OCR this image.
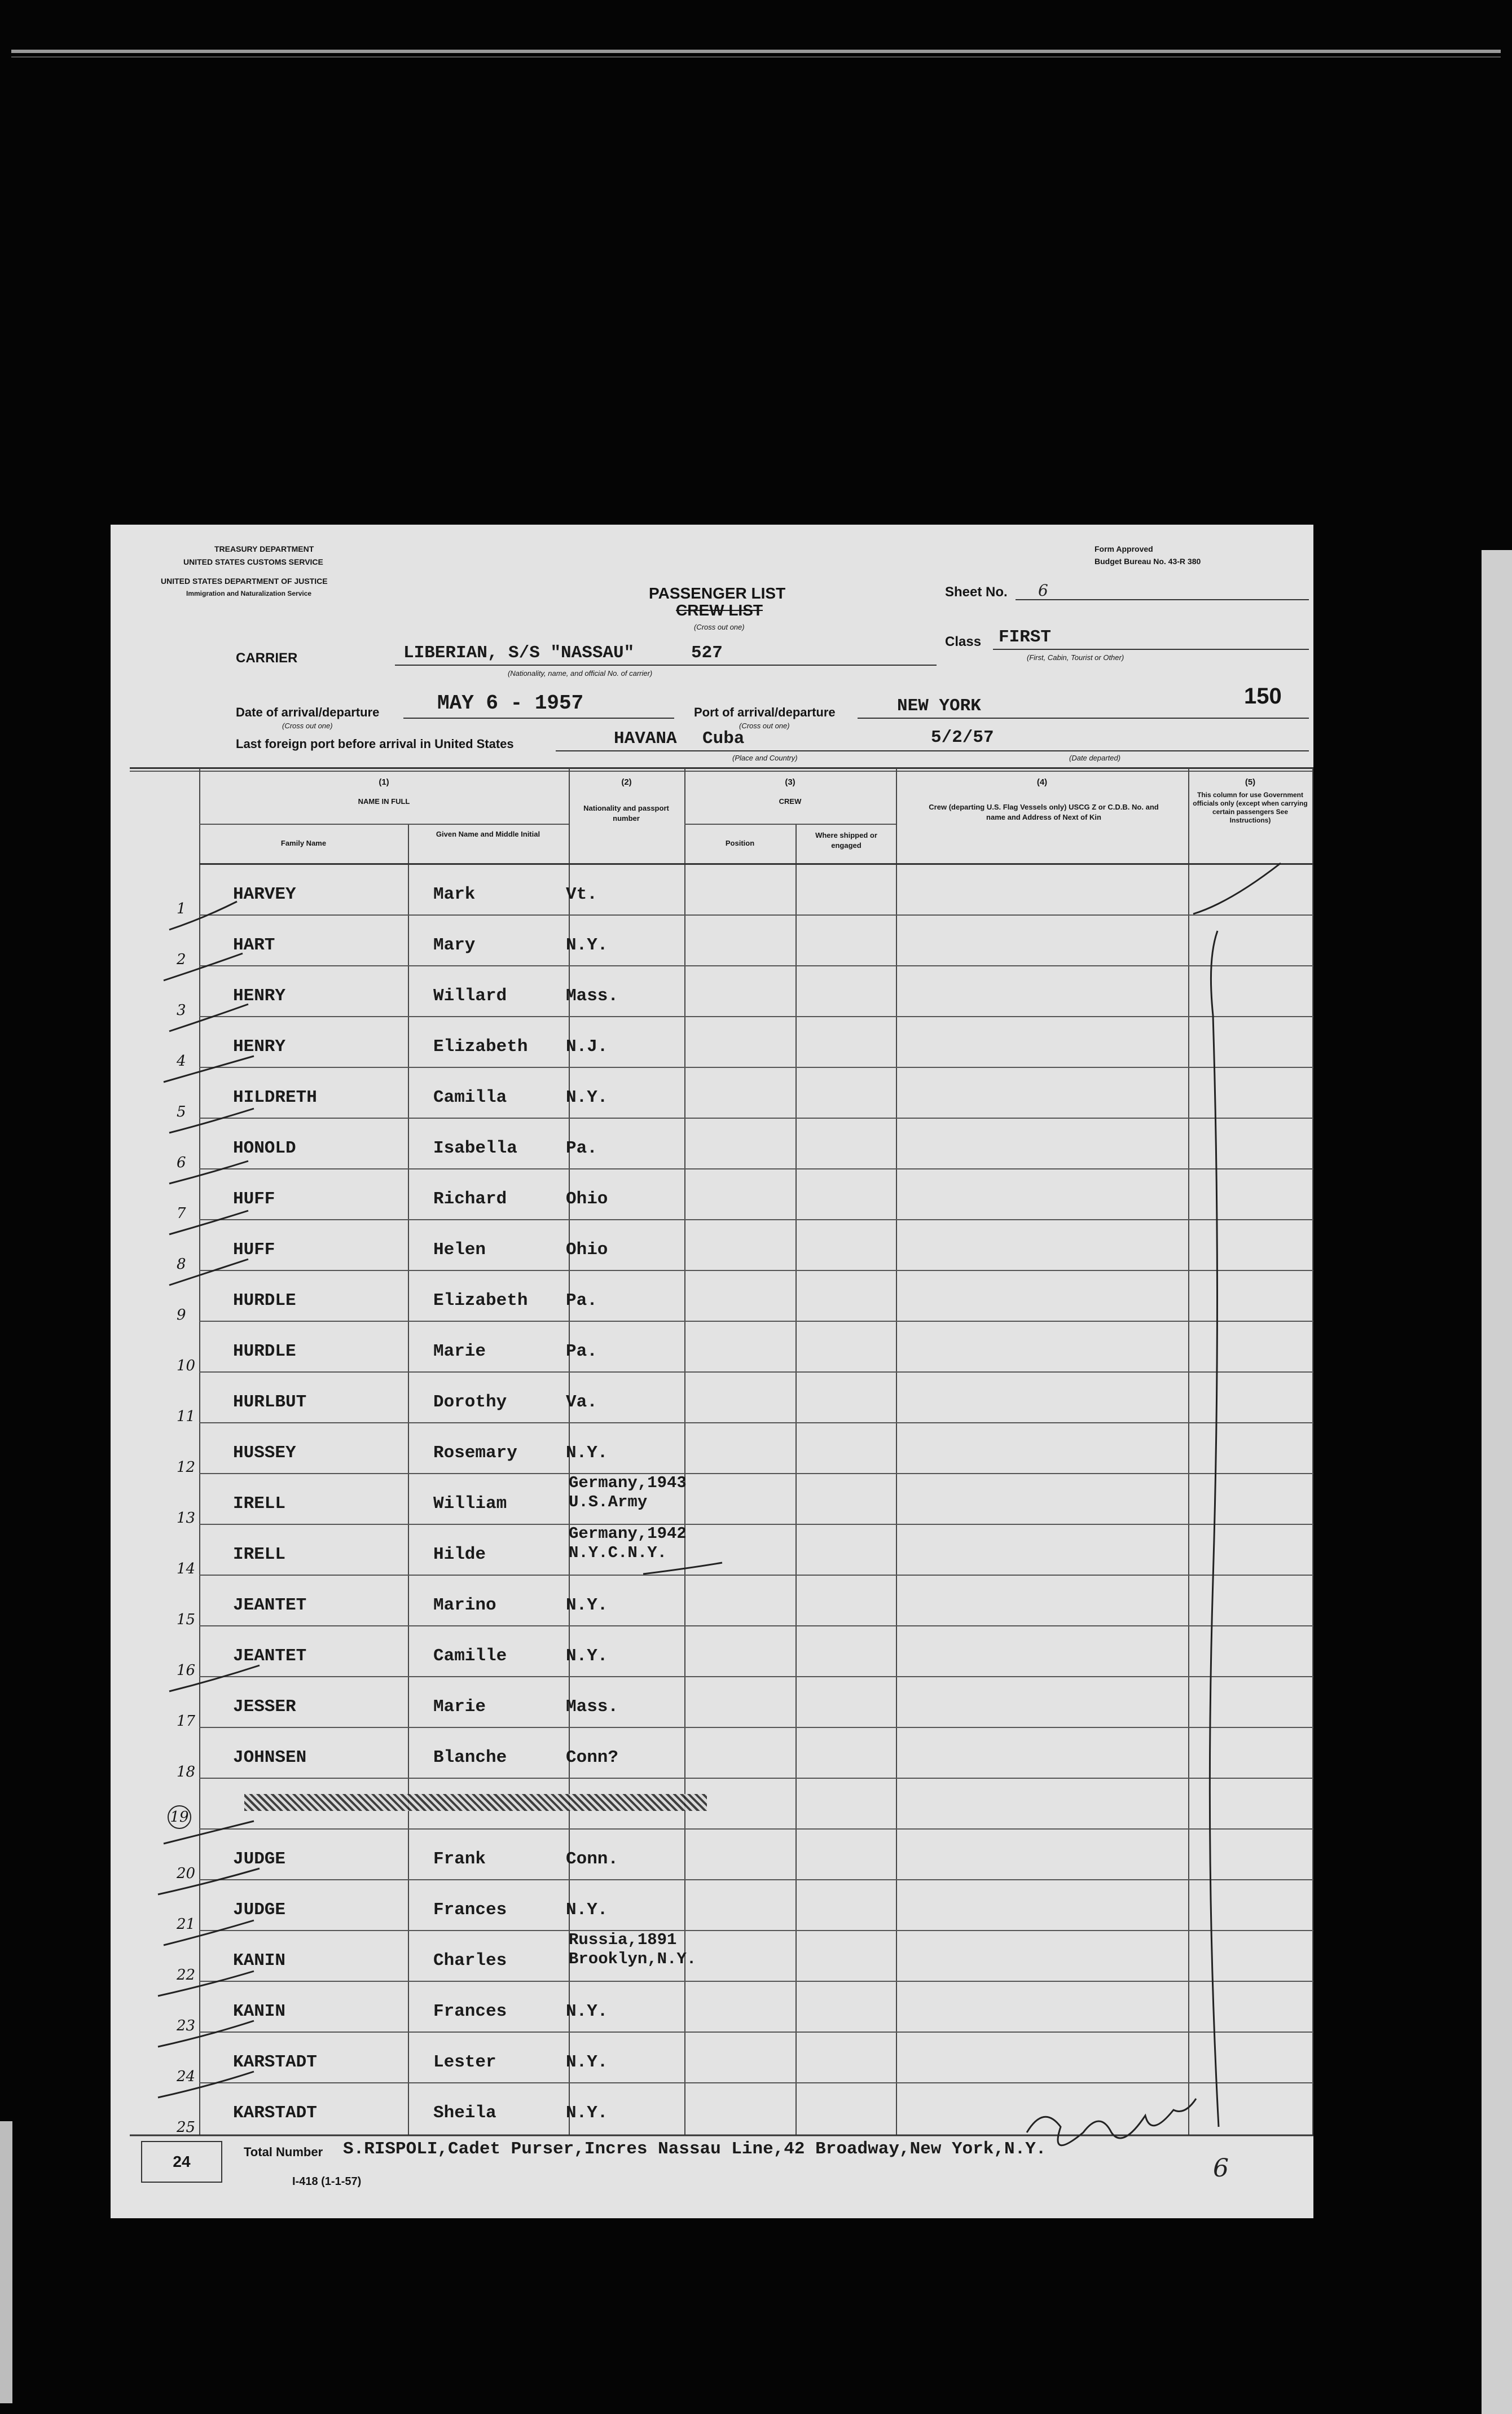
TREASURY DEPARTMENT
UNITED STATES CUSTOMS SERVICE
UNITED STATES DEPARTMENT OF JUSTICE
Immigration and Naturalization Service
Form Approved
Budget Bureau No. 43-R 380
PASSENGER LIST
CREW LIST
(Cross out one)
Sheet No. 6
Class FIRST
(First, Cabin, Tourist or Other)
CARRIER	LIBERIAN, S/S "NASSAU"	527
(Nationality, name, and official No. of carrier)
Date of arrival/departure	MAY 6 - 1957
(Cross out one)
Port of arrival/departure	NEW YORK
(Cross out one)
150
Last foreign port before arrival in United States	HAVANA Cuba
(Place and Country)
5/2/57
(Date departed)
(1)
NAME IN FULL
Family Name
Given Name and Middle Initial
(2)
Nationality and passport number
(3)
CREW
Position
Where shipped or engaged
(4)
Crew (departing U.S. Flag Vessels only) USCG Z or C.D.B. No. and name and Address of Next of Kin
(5)
This column for use Government officials only (except when carrying certain passengers See Instructions)
1
HARVEY	Mark	Vt.
2
HART	Mary	N.Y.
3
HENRY	Willard	Mass.
4
HENRY	Elizabeth N.J.
5
HILDRETH	Camilla	N.Y.
6
HONOLD	Isabella	Pa.
7
HUFF	Richard	Ohio
8
HUFF	Helen	Ohio
9
HURDLE	Elizabeth Pa.
10
HURDLE	Marie	Pa.
11
HURLBUT	Dorothy	Va.
12
HUSSEY	Rosemary	N.Y.
13
IRELL	William
Germany,1943
U.S.Army
14
IRELL	Hilde
Germany,1942
N.Y.C.N.Y.
15
JEANTET	Marino	N.Y.
16
JEANTET	Camille	N.Y.
17
JESSER	Marie	Mass.
18
JOHNSEN	Blanche	Conn?
19
20
JUDGE	Frank	Conn.
21
JUDGE	Frances	N.Y.
22
KANIN	Charles
Russia,1891
Brooklyn,N.Y.
23
KANIN	Frances	N.Y.
24
KARSTADT	Lester	N.Y.
25
KARSTADT	Sheila	N.Y.
24
Total Number S.RISPOLI,Cadet Purser,Incres Nassau Line,42 Broadway,New York,N.Y.
I-418 (1-1-57)	6
